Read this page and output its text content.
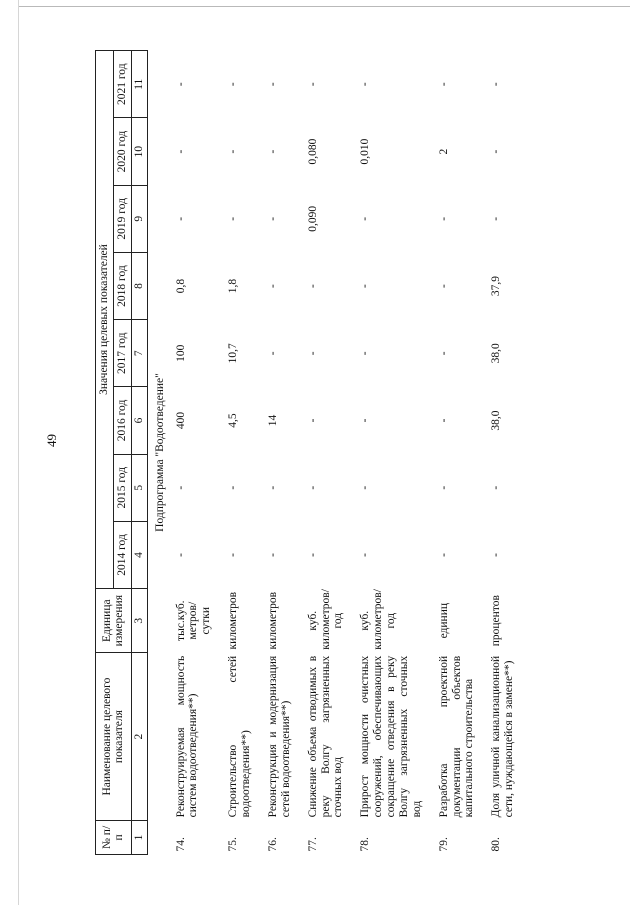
49
№ п/п	Наименование целевого показателя	Единица измерения	Значения целевых показателей							
			2014 год	2015 год	2016 год	2017 год	2018 год	2019 год	2020 год	2021 год
1	2	3	4	5	6	7	8	9	10	11
Подпрограмма "Водоотведение"										
74.	Реконструируемая мощность систем водоотведения**)	тыс.куб. метров/ сутки	-	-	400	100	0,8	-	-	-
75.	Строительство сетей водоотведения**)	километров	-	-	4,5	10,7	1,8	-	-	-
76.	Реконструкция и модернизация сетей водоотведения**)	километров	-	-	14	-	-	-	-	-
77.	Снижение объема отводимых в реку Волгу загрязненных сточных вод	куб. километров/год	-	-	-	-	-	0,090	0,080	-
78.	Прирост мощности очистных сооружений, обеспечивающих сокращение отведения в реку Волгу загрязненных сточных вод	куб. километров/год	-	-	-	-	-	-	0,010	-
79.	Разработка проектной документации объектов капитального строительства	единиц	-	-	-	-	-	-	2	-
80.	Доля уличной канализационной сети, нуждающейся в замене**)	процентов	-	-	38,0	38,0	37,9	-	-	-
